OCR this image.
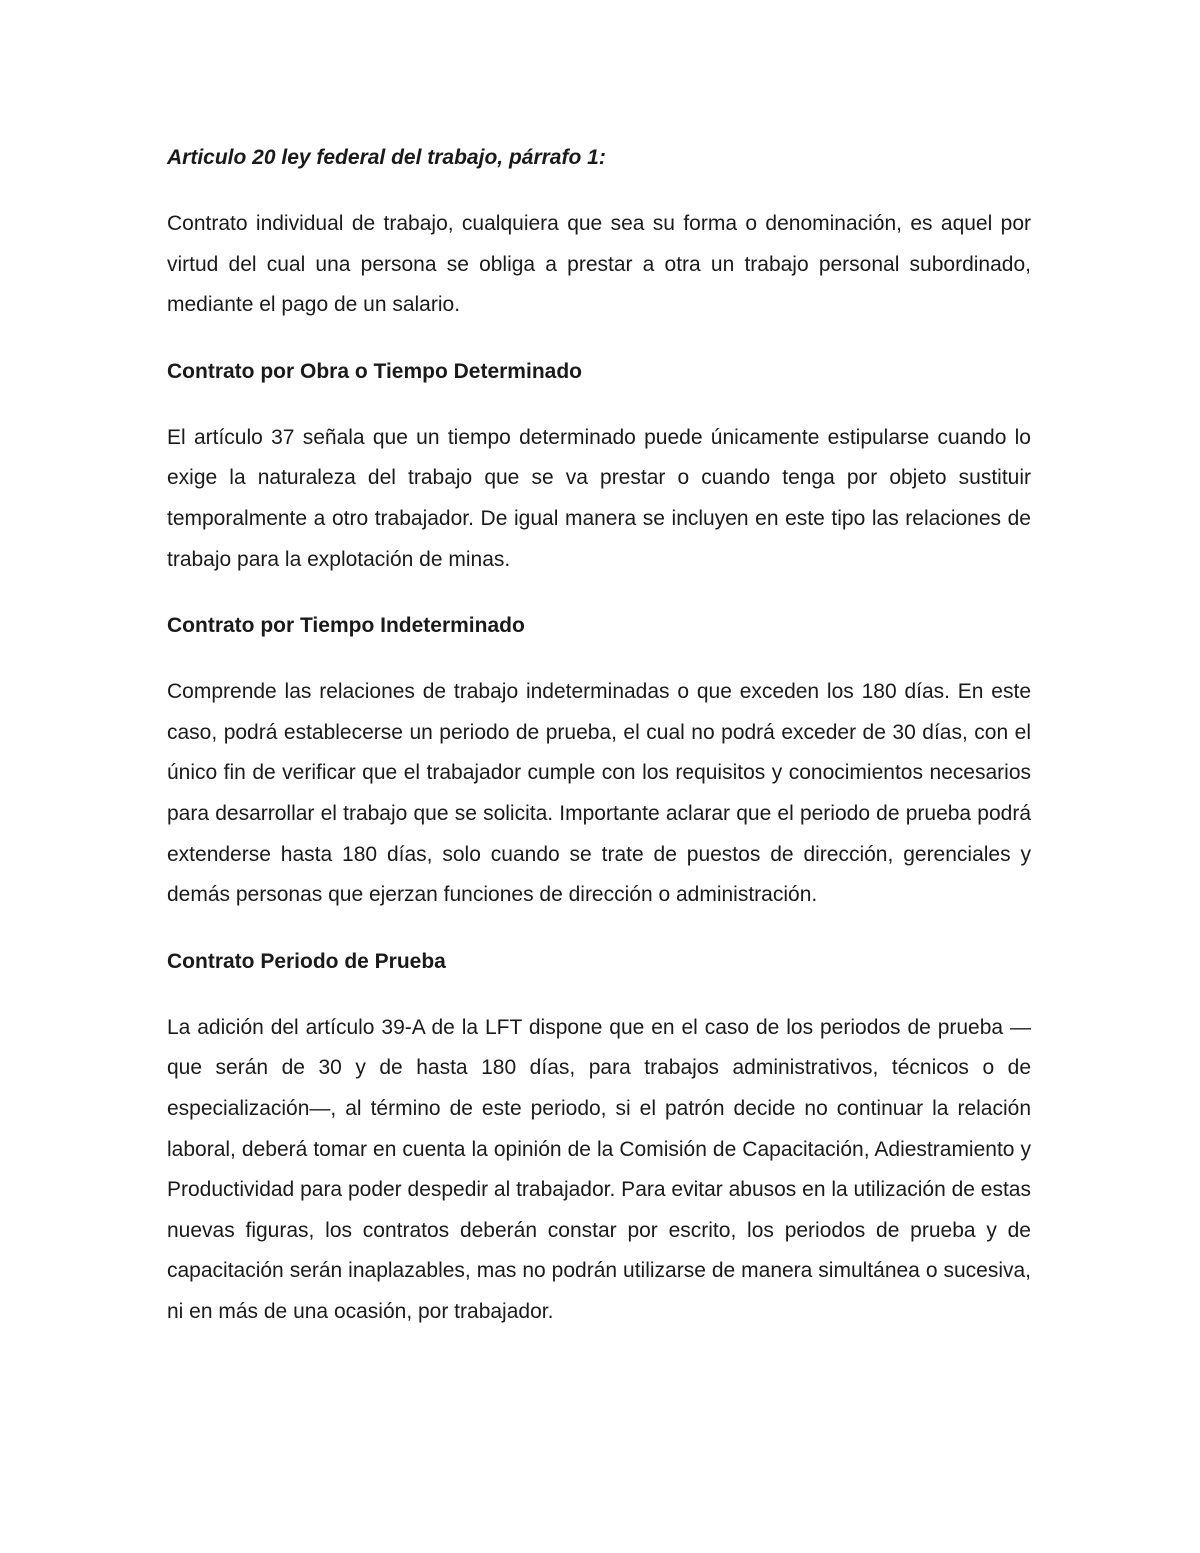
Articulo 20 ley federal del trabajo, párrafo 1:

Contrato individual de trabajo, cualquiera que sea su forma o denominación, es aquel por virtud del cual una persona se obliga a prestar a otra un trabajo personal subordinado, mediante el pago de un salario.

Contrato por Obra o Tiempo Determinado

El artículo 37 señala que un tiempo determinado puede únicamente estipularse cuando lo exige la naturaleza del trabajo que se va prestar o cuando tenga por objeto sustituir temporalmente a otro trabajador. De igual manera se incluyen en este tipo las relaciones de trabajo para la explotación de minas.

Contrato por Tiempo Indeterminado

Comprende las relaciones de trabajo indeterminadas o que exceden los 180 días. En este caso, podrá establecerse un periodo de prueba, el cual no podrá exceder de 30 días, con el único fin de verificar que el trabajador cumple con los requisitos y conocimientos necesarios para desarrollar el trabajo que se solicita. Importante aclarar que el periodo de prueba podrá extenderse hasta 180 días, solo cuando se trate de puestos de dirección, gerenciales y demás personas que ejerzan funciones de dirección o administración.

Contrato Periodo de Prueba

La adición del artículo 39-A de la LFT dispone que en el caso de los periodos de prueba —que serán de 30 y de hasta 180 días, para trabajos administrativos, técnicos o de especialización—, al término de este periodo, si el patrón decide no continuar la relación laboral, deberá tomar en cuenta la opinión de la Comisión de Capacitación, Adiestramiento y Productividad para poder despedir al trabajador. Para evitar abusos en la utilización de estas nuevas figuras, los contratos deberán constar por escrito, los periodos de prueba y de capacitación serán inaplazables, mas no podrán utilizarse de manera simultánea o sucesiva, ni en más de una ocasión, por trabajador.
